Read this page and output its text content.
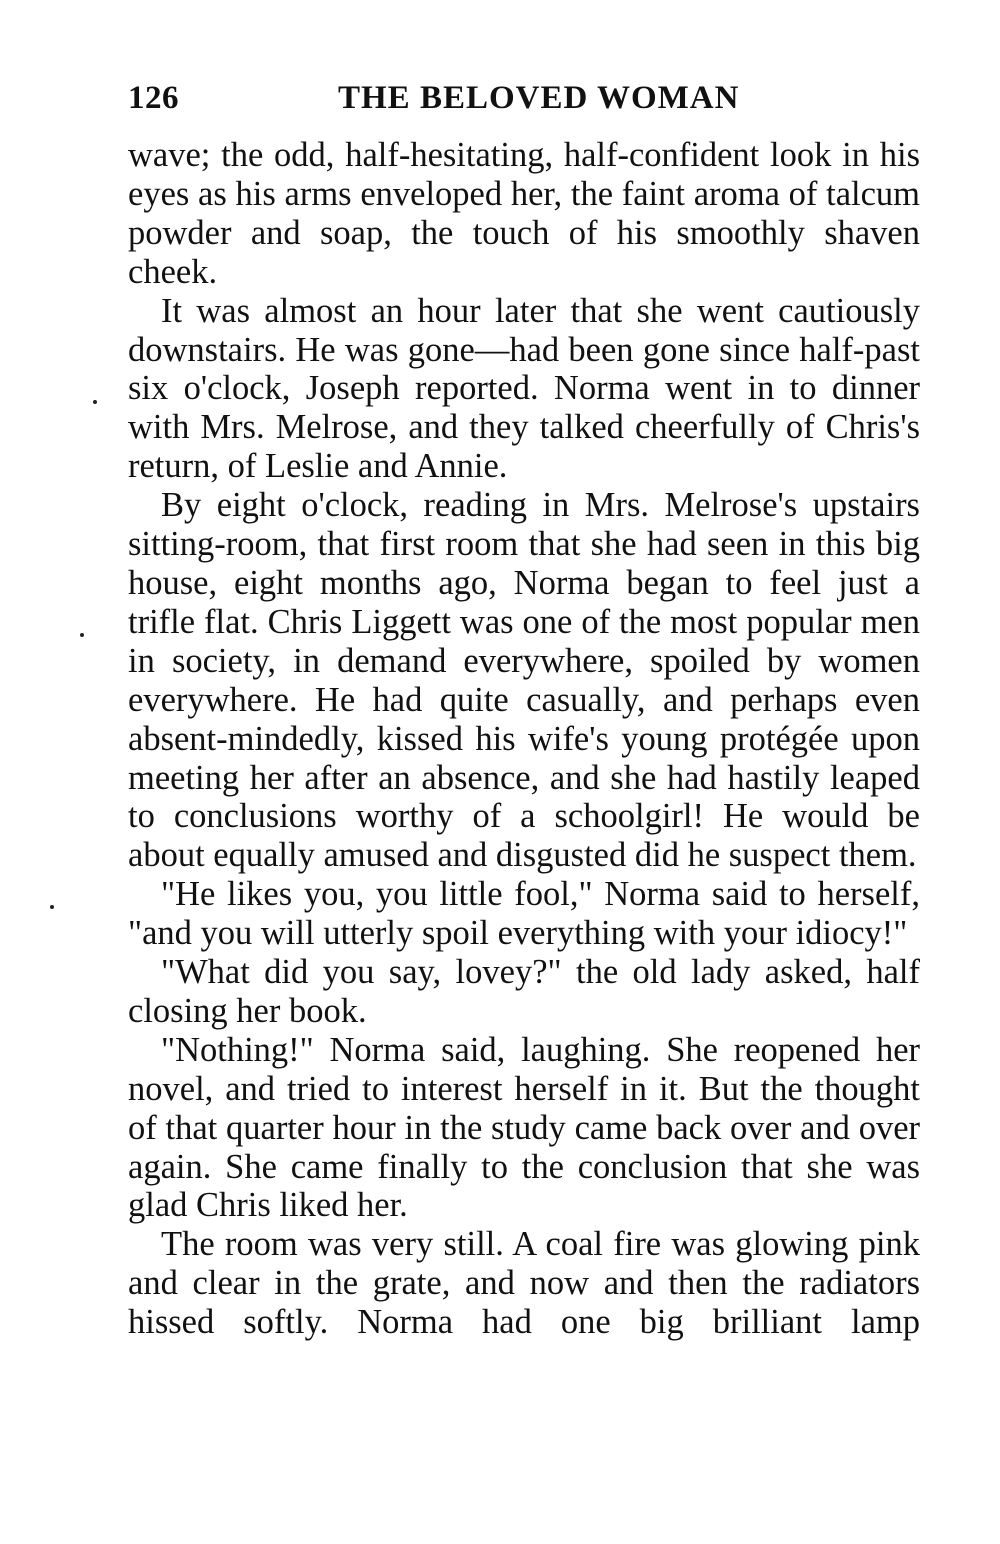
126	THE BELOVED WOMAN

wave; the odd, half-hesitating, half-confident look in his eyes as his arms enveloped her, the faint aroma of talcum powder and soap, the touch of his smoothly shaven cheek.

It was almost an hour later that she went cautiously downstairs. He was gone—had been gone since half-past six o'clock, Joseph reported. Norma went in to dinner with Mrs. Melrose, and they talked cheerfully of Chris's return, of Leslie and Annie.

By eight o'clock, reading in Mrs. Melrose's upstairs sitting-room, that first room that she had seen in this big house, eight months ago, Norma began to feel just a trifle flat. Chris Liggett was one of the most popular men in society, in demand everywhere, spoiled by women everywhere. He had quite casually, and perhaps even absent-mindedly, kissed his wife's young protégée upon meeting her after an absence, and she had hastily leaped to conclusions worthy of a schoolgirl! He would be about equally amused and disgusted did he suspect them.

"He likes you, you little fool," Norma said to herself, "and you will utterly spoil everything with your idiocy!"

"What did you say, lovey?" the old lady asked, half closing her book.

"Nothing!" Norma said, laughing. She reopened her novel, and tried to interest herself in it. But the thought of that quarter hour in the study came back over and over again. She came finally to the conclusion that she was glad Chris liked her.

The room was very still. A coal fire was glowing pink and clear in the grate, and now and then the radiators hissed softly. Norma had one big brilliant lamp
